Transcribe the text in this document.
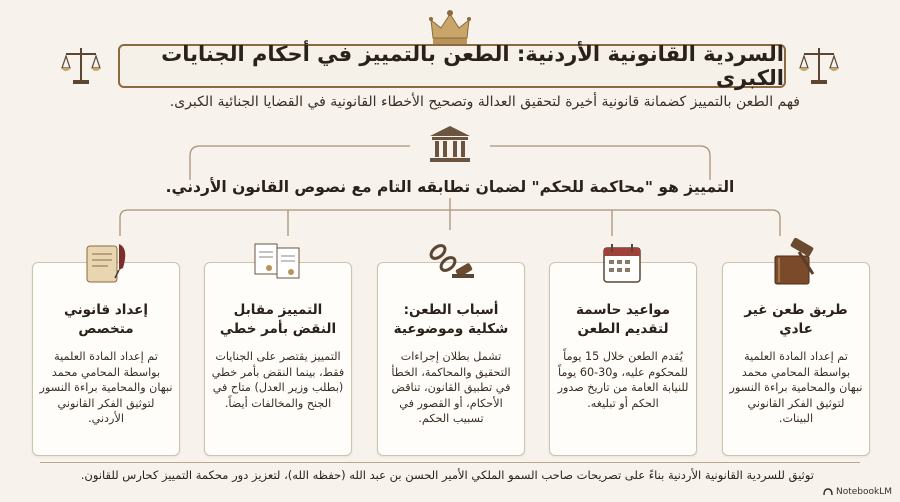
السردية القانونية الأردنية: الطعن بالتمييز في أحكام الجنايات الكبرى
فهم الطعن بالتمييز كضمانة قانونية أخيرة لتحقيق العدالة وتصحيح الأخطاء القانونية في القضايا الجنائية الكبرى.
التمييز هو "محاكمة للحكم" لضمان تطابقه التام مع نصوص القانون الأردني.
إعداد قانوني متخصص
تم إعداد المادة العلمية بواسطة المحامي محمد نبهان والمحامية براءة النسور لتوثيق الفكر القانوني الأردني.
التمييز مقابل النقض بأمر خطي
التمييز يقتصر على الجنايات فقط، بينما النقض بأمر خطي (بطلب وزير العدل) متاح في الجنح والمخالفات أيضاً.
أسباب الطعن: شكلية وموضوعية
تشمل بطلان إجراءات التحقيق والمحاكمة، الخطأ في تطبيق القانون، تناقض الأحكام، أو القصور في تسبيب الحكم.
مواعيد حاسمة لتقديم الطعن
يُقدم الطعن خلال 15 يوماً للمحكوم عليه، و30-60 يوماً للنيابة العامة من تاريخ صدور الحكم أو تبليغه.
طريق طعن غير عادي
تم إعداد المادة العلمية بواسطة المحامي محمد نبهان والمحامية براءة النسور لتوثيق الفكر القانوني البينات.
توثيق للسردية القانونية الأردنية بناءً على تصريحات صاحب السمو الملكي الأمير الحسن بن عبد الله (حفظه الله)، لتعزيز دور محكمة التمييز كحارس للقانون.
NotebookLM
